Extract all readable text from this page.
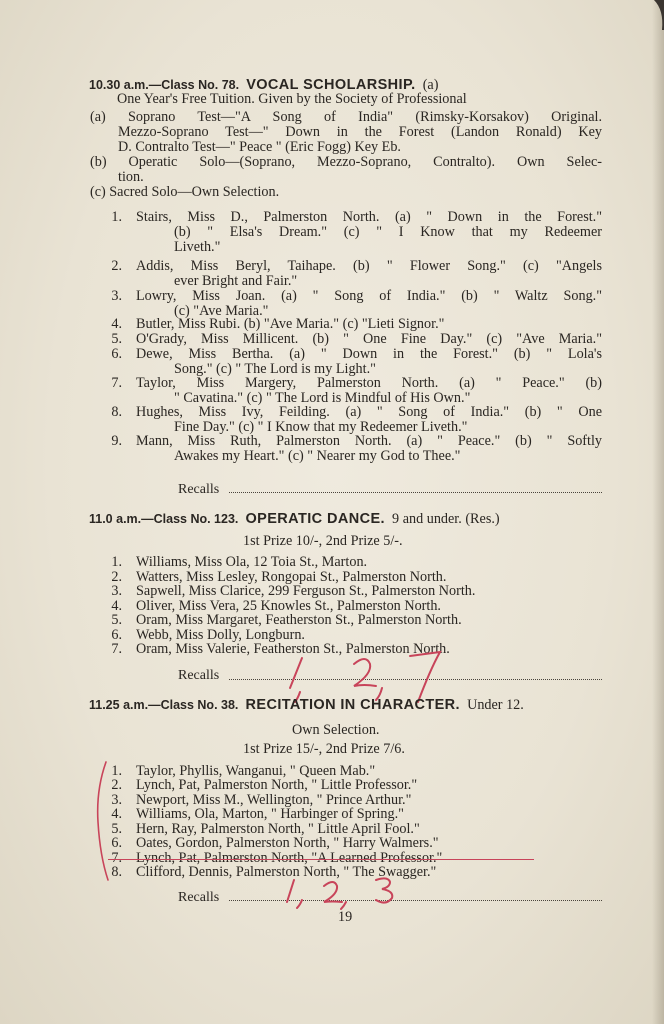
10.30 a.m.—Class No. 78. VOCAL SCHOLARSHIP. (a)
One Year's Free Tuition. Given by the Society of Professional
(a) Soprano Test—"A Song of India" (Rimsky-Korsakov) Original.
Mezzo-Soprano Test—" Down in the Forest (Landon Ronald) Key
D. Contralto Test—" Peace " (Eric Fogg) Key Eb.
(b) Operatic Solo—(Soprano, Mezzo-Soprano, Contralto). Own Selec-
tion.
(c) Sacred Solo—Own Selection.
1. Stairs, Miss D., Palmerston North. (a) " Down in the Forest."
(b) " Elsa's Dream." (c) " I Know that my Redeemer
Liveth."
2. Addis, Miss Beryl, Taihape. (b) " Flower Song." (c) "Angels
ever Bright and Fair."
3. Lowry, Miss Joan. (a) " Song of India." (b) " Waltz Song."
(c) "Ave Maria."
4. Butler, Miss Rubi. (b) "Ave Maria." (c) "Lieti Signor."
5. O'Grady, Miss Millicent. (b) " One Fine Day." (c) "Ave Maria."
6. Dewe, Miss Bertha. (a) " Down in the Forest." (b) " Lola's
Song." (c) " The Lord is my Light."
7. Taylor, Miss Margery, Palmerston North. (a) " Peace." (b)
" Cavatina." (c) " The Lord is Mindful of His Own."
8. Hughes, Miss Ivy, Feilding. (a) " Song of India." (b) " One
Fine Day." (c) " I Know that my Redeemer Liveth."
9. Mann, Miss Ruth, Palmerston North. (a) " Peace." (b) " Softly
Awakes my Heart." (c) " Nearer my God to Thee."
Recalls
11.0 a.m.—Class No. 123. OPERATIC DANCE. 9 and under. (Res.)
1st Prize 10/-, 2nd Prize 5/-.
1. Williams, Miss Ola, 12 Toia St., Marton.
2. Watters, Miss Lesley, Rongopai St., Palmerston North.
3. Sapwell, Miss Clarice, 299 Ferguson St., Palmerston North.
4. Oliver, Miss Vera, 25 Knowles St., Palmerston North.
5. Oram, Miss Margaret, Featherston St., Palmerston North.
6. Webb, Miss Dolly, Longburn.
7. Oram, Miss Valerie, Featherston St., Palmerston North.
Recalls
11.25 a.m.—Class No. 38. RECITATION IN CHARACTER. Under 12.
Own Selection.
1st Prize 15/-, 2nd Prize 7/6.
1. Taylor, Phyllis, Wanganui, " Queen Mab."
2. Lynch, Pat, Palmerston North, " Little Professor."
3. Newport, Miss M., Wellington, " Prince Arthur."
4. Williams, Ola, Marton, " Harbinger of Spring."
5. Hern, Ray, Palmerston North, " Little April Fool."
6. Oates, Gordon, Palmerston North, " Harry Walmers."
7. Lynch, Pat, Palmerston North, "A Learned Professor."
8. Clifford, Dennis, Palmerston North, " The Swagger."
Recalls
19
